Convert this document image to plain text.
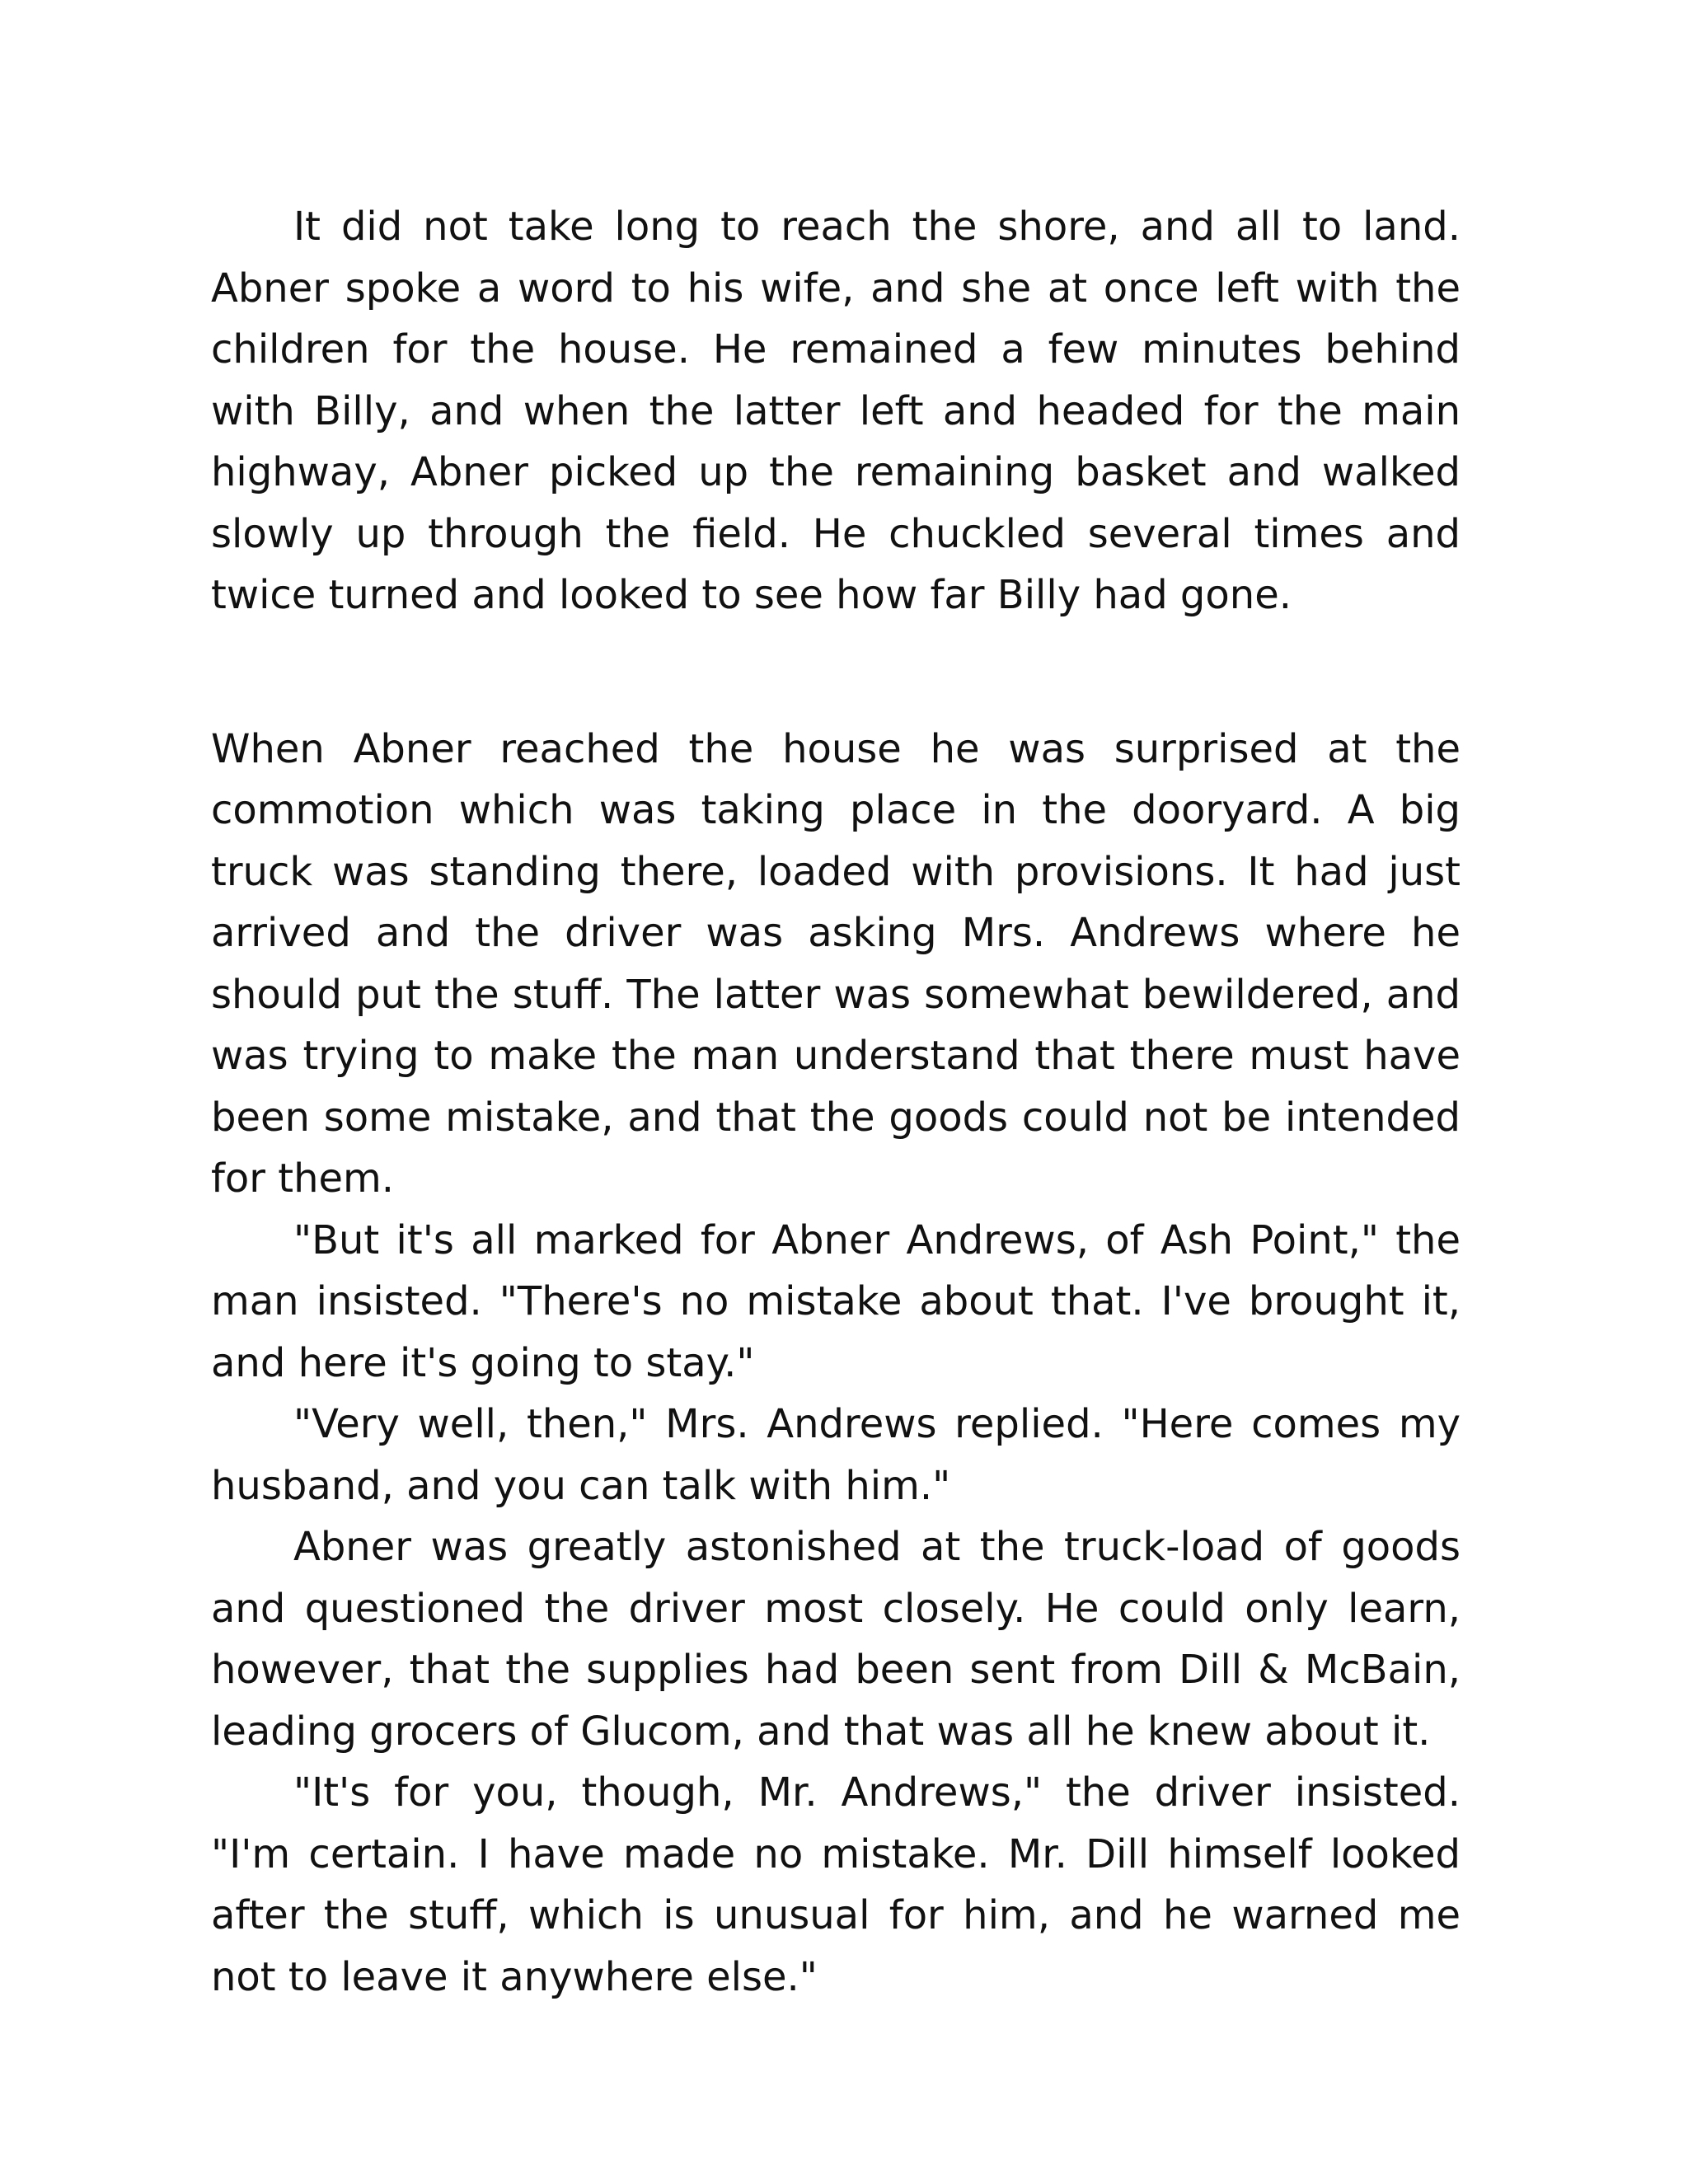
It did not take long to reach the shore, and all to land. Abner spoke a word to his wife, and she at once left with the children for the house. He remained a few minutes behind with Billy, and when the latter left and headed for the main highway, Abner picked up the remaining basket and walked slowly up through the field. He chuckled several times and twice turned and looked to see how far Billy had gone.

When Abner reached the house he was surprised at the commotion which was taking place in the dooryard. A big truck was standing there, loaded with provisions. It had just arrived and the driver was asking Mrs. Andrews where he should put the stuff. The latter was somewhat bewildered, and was trying to make the man understand that there must have been some mistake, and that the goods could not be intended for them.

"But it's all marked for Abner Andrews, of Ash Point," the man insisted. "There's no mistake about that. I've brought it, and here it's going to stay."

"Very well, then," Mrs. Andrews replied. "Here comes my husband, and you can talk with him."

Abner was greatly astonished at the truck-load of goods and questioned the driver most closely. He could only learn, however, that the supplies had been sent from Dill & McBain, leading grocers of Glucom, and that was all he knew about it.

"It's for you, though, Mr. Andrews," the driver insisted. "I'm certain. I have made no mistake. Mr. Dill himself looked after the stuff, which is unusual for him, and he warned me not to leave it anywhere else."
